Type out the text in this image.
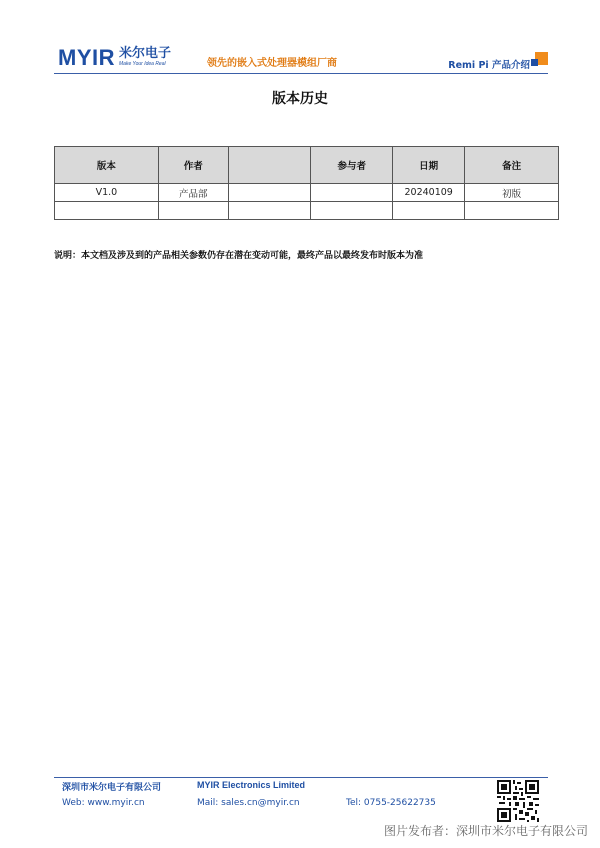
MYIR 米尔电子
Make Your Idea Real	领先的嵌入式处理器模组厂商	Remi Pi 产品介绍
版本历史
版本	作者		参与者	日期	备注
V1.0	产品部			20240109	初版

说明：本文档及涉及到的产品相关参数仍存在潜在变动可能，最终产品以最终发布时版本为准
深圳市米尔电子有限公司	MYIR Electronics Limited
Web: www.myir.cn	Mail: sales.cn@myir.cn	Tel: 0755-25622735
图片发布者：深圳市米尔电子有限公司
